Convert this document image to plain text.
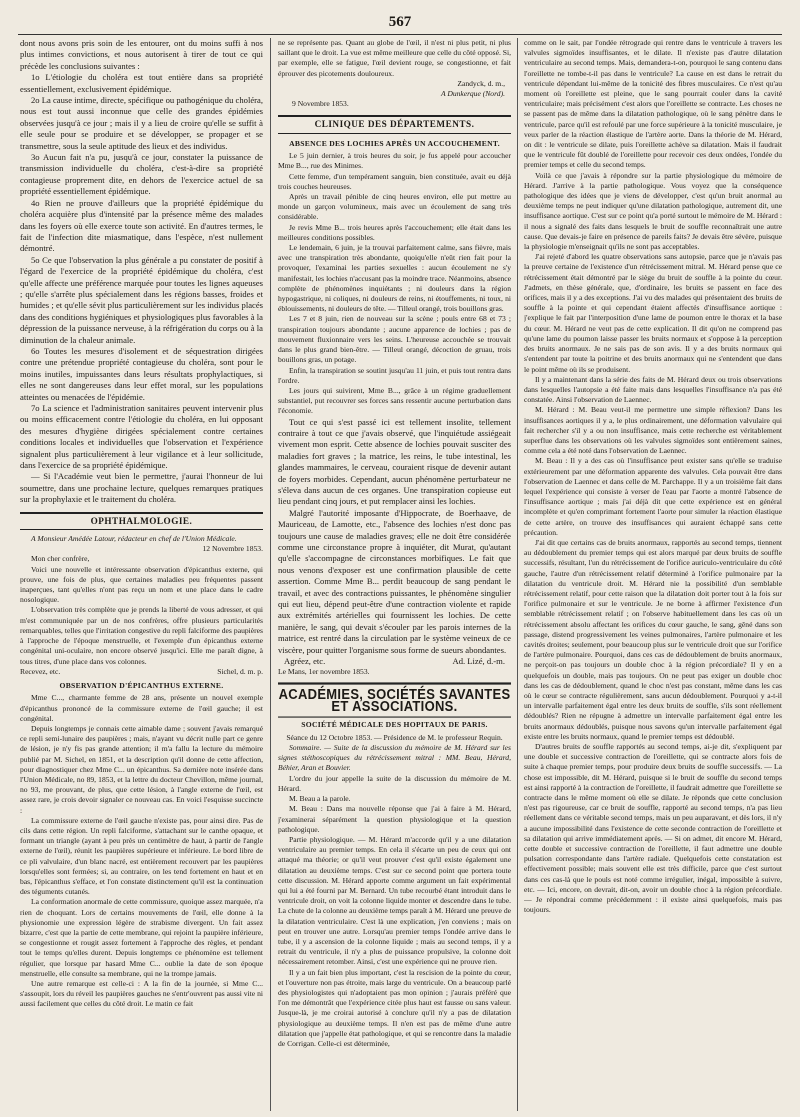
567

dont nous avons pris soin de les entourer, ont du moins suffi à nos plus intimes convictions, et nous autorisent à tirer de tout ce qui précède les conclusions suivantes :

1o L'étiologie du choléra est tout entière dans sa propriété essentiellement, exclusivement épidémique.

2o La cause intime, directe, spécifique ou pathogénique du choléra, nous est tout aussi inconnue que celle des grandes épidémies observées jusqu'à ce jour ; mais il y a lieu de croire qu'elle se suffit à elle seule pour se produire et se développer, se propager et se transmettre, sous la seule aptitude des lieux et des individus.

3o Aucun fait n'a pu, jusqu'à ce jour, constater la puissance de transmission individuelle du choléra, c'est-à-dire sa propriété contagieuse proprement dite, en dehors de l'exercice actuel de sa propriété essentiellement épidémique.

4o Rien ne prouve d'ailleurs que la propriété épidémique du choléra acquière plus d'intensité par la présence même des malades dans les foyers où elle exerce toute son activité. En d'autres termes, le fait de l'infection dite miasmatique, dans l'espèce, n'est nullement démontré.

5o Ce que l'observation la plus générale a pu constater de positif à l'égard de l'exercice de la propriété épidémique du choléra, c'est qu'elle affecte une préférence marquée pour toutes les lignes aqueuses ; qu'elle s'arrête plus spécialement dans les régions basses, froides et humides ; et qu'elle sévit plus particulièrement sur les individus placés dans des conditions hygiéniques et physiologiques plus favorables à la dépression de la puissance nerveuse, à la réfrigération du corps ou à la diminution de la chaleur animale.

6o Toutes les mesures d'isolement et de séquestration dirigées contre une prétendue propriété contagieuse du choléra, sont pour le moins inutiles, impuissantes dans leurs résultats prophylactiques, si elles ne sont dangereuses dans leur effet moral, sur les populations atteintes ou menacées de l'épidémie.

7o La science et l'administration sanitaires peuvent intervenir plus ou moins efficacement contre l'étiologie du choléra, en lui opposant des mesures d'hygiène dirigées spécialement contre certaines conditions locales et individuelles que l'observation et l'expérience signalent plus particulièrement à leur vigilance et à leur sollicitude, dans l'exercice de sa propriété épidémique.

— Si l'Académie veut bien le permettre, j'aurai l'honneur de lui soumettre, dans une prochaine lecture, quelques remarques pratiques sur la prophylaxie et le traitement du choléra.

OPHTHALMOLOGIE.

A Monsieur Amédée Latour, rédacteur en chef de l'Union Médicale.

12 Novembre 1853.

Mon cher confrère,

Voici une nouvelle et intéressante observation d'épicanthus externe, qui prouve, une fois de plus, que certaines maladies peu fréquentes passent inaperçues, tant qu'elles n'ont pas reçu un nom et une place dans le cadre nosologique.

L'observation très complète que je prends la liberté de vous adresser, et qui m'est communiquée par un de nos confrères, offre plusieurs particularités remarquables, telles que l'irritation congestive du repli falciforme des paupières à l'approche de l'époque menstruelle, et l'exemple d'un épicanthus externe congénital uni-oculaire, non encore observé jusqu'ici. Elle me paraît digne, à tous titres, d'une place dans vos colonnes.

Recevez, etc.	Sichel, d. m. p.
OBSERVATION D'ÉPICANTHUS EXTERNE.

Mme C..., charmante femme de 28 ans, présente un nouvel exemple d'épicanthus prononcé de la commissure externe de l'œil gauche; il est congénital.

Depuis longtemps je connais cette aimable dame ; souvent j'avais remarqué ce repli semi-lunaire des paupières ; mais, n'ayant vu décrit nulle part ce genre de lésion, je n'y fis pas grande attention; il m'a fallu la lecture du mémoire publié par M. Sichel, en 1851, et la description qu'il donne de cette affection, pour diagnostiquer chez Mme C... un épicanthus. Sa dernière note insérée dans l'Union Médicale, no 89, 1853, et la lettre du docteur Chevillon, même journal, no 93, me prouvant, de plus, que cette lésion, à l'angle externe de l'œil, est assez rare, je crois devoir signaler ce nouveau cas. En voici l'esquisse succincte :

La commissure externe de l'œil gauche n'existe pas, pour ainsi dire. Pas de cils dans cette région. Un repli falciforme, s'attachant sur le canthe opaque, et formant un triangle (ayant à peu près un centimètre de haut, à partir de l'angle externe de l'œil), réunit les paupières supérieure et inférieure. Le bord libre de ce pli valvulaire, d'un blanc nacré, est entièrement recouvert par les paupières lorsqu'elles sont fermées; si, au contraire, on les tend fortement en haut et en bas, l'épicanthus s'efface, et l'on constate distinctement qu'il est la continuation des téguments cutanés.

La conformation anormale de cette commissure, quoique assez marquée, n'a rien de choquant. Lors de certains mouvements de l'œil, elle donne à la physionomie une expression légère de strabisme divergent. Un fait assez bizarre, c'est que la partie de cette membrane, qui rejoint la paupière inférieure, se congestionne et rougit assez fortement à l'approche des règles, et pendant tout le temps qu'elles durent. Depuis longtemps ce phénomène est tellement régulier, que lorsque par hasard Mme C... oublie la date de son époque menstruelle, elle consulte sa membrane, qui ne la trompe jamais.

Une autre remarque est celle-ci : A la fin de la journée, si Mme C... s'assoupit, lors du réveil les paupières gauches ne s'entr'ouvrent pas aussi vite ni aussi facilement que celles du côté droit. Le matin ce fait

ne se représente pas. Quant au globe de l'œil, il n'est ni plus petit, ni plus saillant que le droit. La vue est même meilleure que celle du côté opposé. Si, par exemple, elle se fatigue, l'œil devient rouge, se congestionne, et fait éprouver des picotements douloureux.

Zandyck, d. m.,
A Dunkerque (Nord).
9 Novembre 1853.
CLINIQUE DES DÉPARTEMENTS.
ABSENCE DES LOCHIES APRÈS UN ACCOUCHEMENT.

Le 5 juin dernier, à trois heures du soir, je fus appelé pour accoucher Mme B..., rue des Minimes.

Cette femme, d'un tempérament sanguin, bien constituée, avait eu déjà trois couches heureuses.

Après un travail pénible de cinq heures environ, elle put mettre au monde un garçon volumineux, mais avec un écoulement de sang très considérable.

Je revis Mme B... trois heures après l'accouchement; elle était dans les meilleures conditions possibles.

Le lendemain, 6 juin, je la trouvai parfaitement calme, sans fièvre, mais avec une transpiration très abondante, quoiqu'elle n'eût rien fait pour la provoquer, l'examinai les parties sexuelles : aucun écoulement ne s'y manifestait, les lochies n'accusant pas la moindre trace. Néanmoins, absence complète de phénomènes inquiétants ; ni douleurs dans la région hypogastrique, ni coliques, ni douleurs de reins, ni étouffements, ni toux, ni éblouissements, ni douleurs de tête. — Tilleul orangé, trois bouillons gras.

Les 7 et 8 juin, rien de nouveau sur la scène ; pouls entre 68 et 73 ; transpiration toujours abondante ; aucune apparence de lochies ; pas de mouvement fluxionnaire vers les seins. L'heureuse accouchée se trouvait dans le plus grand bien-être. — Tilleul orangé, décoction de gruau, trois bouillons gras, un potage.

Enfin, la transpiration se soutint jusqu'au 11 juin, et puis tout rentra dans l'ordre.

Les jours qui suivirent, Mme B..., grâce à un régime graduellement substantiel, put recouvrer ses forces sans ressentir aucune perturbation dans l'économie.

Tout ce qui s'est passé ici est tellement insolite, tellement contraire à tout ce que j'avais observé, que l'inquiétude assiégeait vivement mon esprit. Cette absence de lochies pouvait susciter des maladies fort graves ; la matrice, les reins, le tube intestinal, les glandes mammaires, le cerveau, couraient risque de devenir autant de foyers morbides. Cependant, aucun phénomène perturbateur ne s'éleva dans aucun de ces organes. Une transpiration copieuse eut lieu pendant cinq jours, et put remplacer ainsi les lochies.

Malgré l'autorité imposante d'Hippocrate, de Boerhaave, de Mauriceau, de Lamotte, etc., l'absence des lochies n'est donc pas toujours une cause de maladies graves; elle ne doit être considérée comme une circonstance propre à inquiéter, dit Murat, qu'autant qu'elle s'accompagne de circonstances morbifiques. Le fait que nous venons d'exposer est une confirmation plausible de cette assertion. Comme Mme B... perdit beaucoup de sang pendant le travail, et avec des contractions puissantes, le phénomène singulier qui eut lieu, dépend peut-être d'une contraction violente et rapide aux extrémités artérielles qui fournissent les lochies. De cette manière, le sang, qui devait s'écouler par les parois internes de la matrice, est rentré dans la circulation par le système veineux de ce viscère, pour quitter l'organisme sous forme de sueurs abondantes.

Agréez, etc.	Ad. Lizé, d.-m.
Le Mans, 1er novembre 1853.
ACADÉMIES, SOCIÉTÉS SAVANTES ET ASSOCIATIONS.
SOCIÉTÉ MÉDICALE DES HOPITAUX DE PARIS.
Séance du 12 Octobre 1853. — Présidence de M. le professeur Requin.

Sommaire. — Suite de la discussion du mémoire de M. Hérard sur les signes stéthoscopiques du rétrécissement mitral : MM. Beau, Hérard, Béhier, Aran et Bouvier.

L'ordre du jour appelle la suite de la discussion du mémoire de M. Hérard.

M. Beau a la parole.

M. Beau : Dans ma nouvelle réponse que j'ai à faire à M. Hérard, j'examinerai séparément la question physiologique et la question pathologique.

Partie physiologique. — M. Hérard m'accorde qu'il y a une dilatation ventriculaire au premier temps. En cela il s'écarte un peu de ceux qui ont attaqué ma théorie; or qu'il veut prouver c'est qu'il existe également une dilatation au deuxième temps. C'est sur ce second point que portera toute cette discussion. M. Hérard apporte comme argument un fait expérimental qui lui a été fourni par M. Bernard. Un tube recourbé étant introduit dans le ventricule droit, on voit la colonne liquide monter et descendre dans le tube. La chute de la colonne au deuxième temps paraît à M. Hérard une preuve de la dilatation ventriculaire. C'est là une explication, j'en conviens ; mais on peut en trouver une autre. Lorsqu'au premier temps l'ondée arrive dans le tube, il y a ascension de la colonne liquide ; mais au second temps, il y a retrait du ventricule, il n'y a plus de puissance propulsive, la colonne doit nécessairement retomber. Ainsi, c'est une expérience qui ne prouve rien.

Il y a un fait bien plus important, c'est la rescision de la pointe du cœur, et l'ouverture non pas étroite, mais large du ventricule. On a beaucoup parlé des physiologistes qui n'adoptaient pas mon opinion ; j'aurais préféré que l'on me démontrât que l'expérience citée plus haut est fausse ou sans valeur. Jusque-là, je me croirai autorisé à conclure qu'il n'y a pas de dilatation physiologique au deuxième temps. Il n'en est pas de même d'une autre dilatation que j'appelle état pathologique, et qui se rencontre dans la maladie de Corrigan. Celle-ci est déterminée,

comme on le sait, par l'ondée rétrograde qui rentre dans le ventricule à travers les valvules sigmoïdes insuffisantes, et le dilate. Il n'existe pas d'autre dilatation ventriculaire au second temps. Mais, demandera-t-on, pourquoi le sang contenu dans l'oreillette ne tombe-t-il pas dans le ventricule? La cause en est dans le retrait du ventricule dépendant lui-même de la tonicité des fibres musculaires. Ce n'est qu'au moment où l'oreillette est pleine, que le sang pourrait couler dans la cavité ventriculaire; mais précisément c'est alors que l'oreillette se contracte. Les choses ne se passent pas de même dans la dilatation pathologique, où le sang pénètre dans le ventricule, parce qu'il est refoulé par une force supérieure à la tonicité musculaire, je veux parler de la réaction élastique de l'artère aorte. Dans la théorie de M. Hérard, on dit : le ventricule se dilate, puis l'oreillette achève sa dilatation. Mais il faudrait que le ventricule fût doublé de l'oreillette pour recevoir ces deux ondées, l'ondée du premier temps et celle du second temps.

Voilà ce que j'avais à répondre sur la partie physiologique du mémoire de Hérard. J'arrive à la partie pathologique. Vous voyez que la conséquence pathologique des idées que je viens de développer, c'est qu'un bruit anormal au deuxième temps ne peut indiquer qu'une dilatation pathologique, autrement dit, une insuffisance aortique. C'est sur ce point qu'a porté surtout le mémoire de M. Hérard : il nous a signalé des faits dans lesquels le bruit de souffle reconnaîtrait une autre cause. Que devais-je faire en présence de pareils faits? Je devais être sévère, puisque la physiologie m'enseignait qu'ils ne sont pas acceptables.

J'ai rejeté d'abord les quatre observations sans autopsie, parce que je n'avais pas la preuve certaine de l'existence d'un rétrécissement mitral. M. Hérard pense que ce rétrécissement était démontré par le siège du bruit de souffle à la pointe du cœur. J'admets, en thèse générale, que, d'ordinaire, les bruits se passent en face des orifices, mais il y a des exceptions. J'ai vu des malades qui présentaient des bruits de souffle à la pointe et qui cependant étaient affectés d'insuffisance aortique : j'explique le fait par l'interposition d'une lame de poumon entre le thorax et la base du cœur. M. Hérard ne veut pas de cette explication. Il dit qu'on ne comprend pas qu'une lame du poumon laisse passer les bruits normaux et s'oppose à la perception des bruits anormaux. Je ne sais pas de son avis. Il y a des bruits normaux qui s'entendent par toute la poitrine et des bruits anormaux qui ne s'entendent que dans le point même où ils se produisent.

Il y a maintenant dans la série des faits de M. Hérard deux ou trois observations dans lesquelles l'autopsie a été faite mais dans lesquelles l'insuffisance n'a pas été constatée. Ainsi l'observation de Laennec.

M. Hérard : M. Beau veut-il me permettre une simple réflexion? Dans les insuffisances aortiques il y a, le plus ordinairement, une déformation valvulaire qui fait rechercher s'il y a ou non insuffisance, mais cette recherche est véritablement superflue dans les observations où les valvules sigmoïdes sont entièrement saines, comme cela a été noté dans l'observation de Laennec.

M. Beau : Il y a des cas où l'insuffisance peut exister sans qu'elle se traduise extérieurement par une déformation apparente des valvules. Cela pouvait être dans l'observation de Laennec et dans celle de M. Parchappe. Il y a un troisième fait dans lequel l'expérience qui consiste à verser de l'eau par l'aorte a montré l'absence de l'insuffisance aortique ; mais j'ai déjà dit que cette expérience est en général incomplète et qu'en comprimant fortement l'aorte pour simuler la réaction élastique de cette artère, on trouve des insuffisances qui auraient échappé sans cette précaution.

J'ai dit que certains cas de bruits anormaux, rapportés au second temps, tiennent au dédoublement du premier temps qui est alors marqué par deux bruits de souffle successifs, résultant, l'un du rétrécissement de l'orifice auriculo-ventriculaire du côté gauche, l'autre d'un rétrécissement relatif déterminé à l'orifice pulmonaire par la dilatation du ventricule droit. M. Hérard nie la possibilité d'un semblable rétrécissement relatif, pour cette raison que la dilatation doit porter tout à la fois sur l'orifice pulmonaire et sur le ventricule. Je ne borne à affirmer l'existence d'un semblable rétrécissement relatif ; on l'observe habituellement dans les cas où un rétrécissement absolu affectant les orifices du cœur gauche, le sang, gêné dans son passage, distend progressivement les veines pulmonaires, l'artère pulmonaire et les cavités droites; seulement, pour beaucoup plus sur le ventricule droit que sur l'orifice de l'artère pulmonaire. Pourquoi, dans ces cas de dédoublement de bruits anormaux, ne perçoit-on pas toujours un double choc à la région précordiale? Il y en a quelquefois un double, mais pas toujours. On ne peut pas exiger un double choc dans les cas de dédoublement, quand le choc n'est pas constant, même dans les cas où le cœur se contracte régulièrement, sans aucun dédoublement. Pourquoi y a-t-il un intervalle parfaitement égal entre les deux bruits de souffle, s'ils sont réellement dédoublés? Rien ne répugne à admettre un intervalle parfaitement égal entre les bruits anormaux dédoublés, puisque nous savons qu'un intervalle parfaitement égal existe entre les bruits normaux, quand le premier temps est dédoublé.

D'autres bruits de souffle rapportés au second temps, ai-je dit, s'expliquent par une double et successive contraction de l'oreillette, qui se contracte alors fois de suite à chaque premier temps, pour produire deux bruits de souffle successifs. — La chose est impossible, dit M. Hérard, puisque si le bruit de souffle du second temps est ainsi rapporté à la contraction de l'oreillette, il faudrait admettre que l'oreillette se contracte dans le même moment où elle se dilate. Je réponds que cette conclusion n'est pas rigoureuse, car ce bruit de souffle, rapporté au second temps, n'a pas lieu réellement dans ce véritable second temps, mais un peu auparavant, et dès lors, il n'y a aucune impossibilité dans l'existence de cette seconde contraction de l'oreillette et sa dilatation qui arrive immédiatement après. — Si on admet, dit encore M. Hérard, cette double et successive contraction de l'oreillette, il faut admettre une double pulsation correspondante dans l'artère radiale. Quelquefois cette constatation est effectivement possible; mais souvent elle est très difficile, parce que c'est surtout dans ces cas-là que le pouls est noté comme irrégulier, inégal, impossible à suivre, etc. — Ici, encore, on devrait, dit-on, avoir un double choc à la région précordiale. — Je répondrai comme précédemment : il existe ainsi quelquefois, mais pas toujours.
